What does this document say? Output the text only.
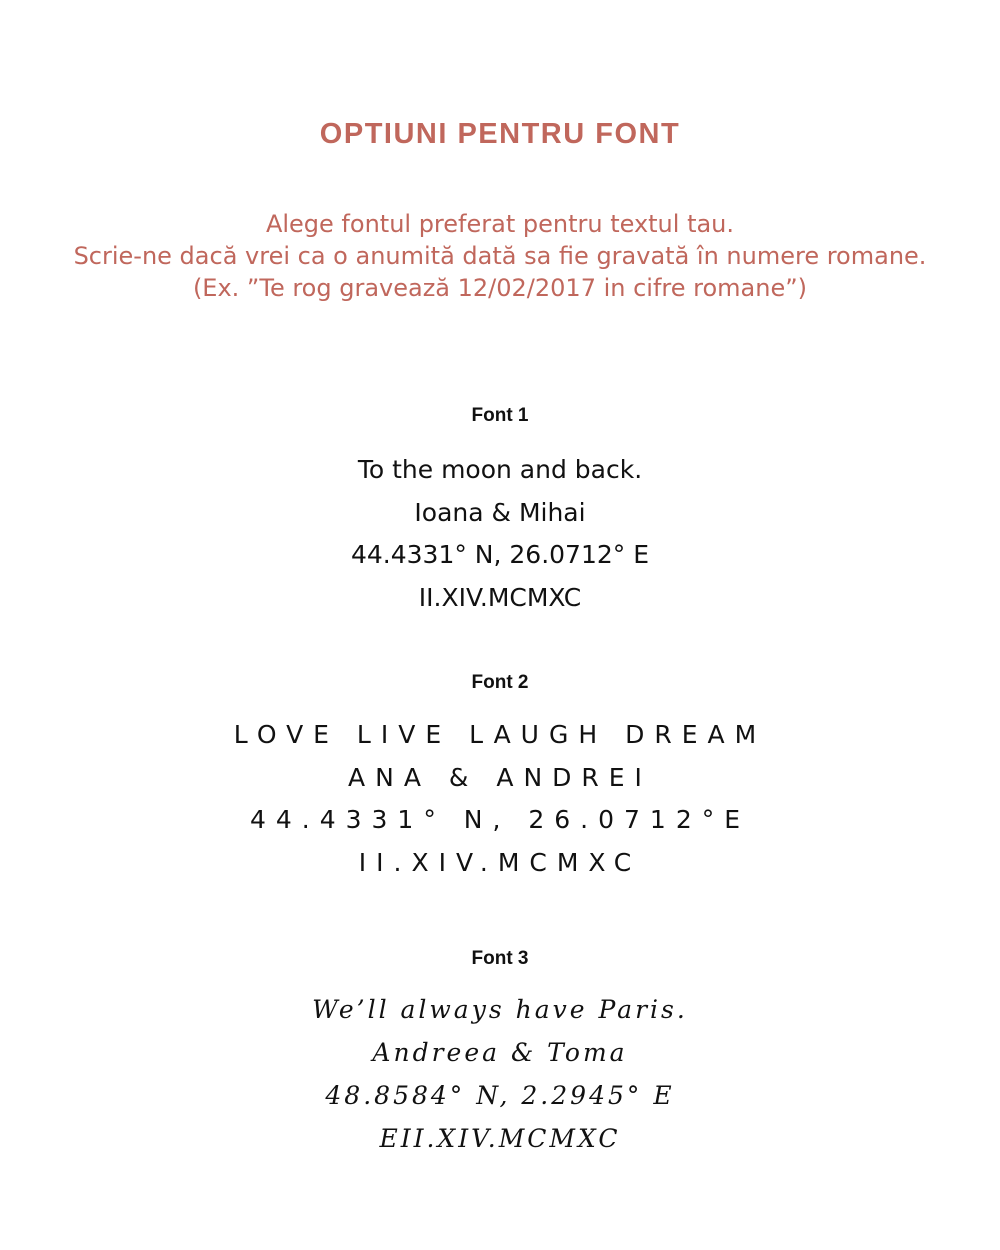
OPTIUNI PENTRU FONT
Alege fontul preferat pentru textul tau.
Scrie-ne dacă vrei ca o anumită dată sa fie gravată în numere romane.
(Ex. ”Te rog gravează 12/02/2017 in cifre romane”)
Font 1
To the moon and back.
Ioana & Mihai
44.4331° N, 26.0712° E
II.XIV.MCMXC
Font 2
LOVE LIVE LAUGH DREAM
ANA & ANDREI
44.4331° N, 26.0712°E
II.XIV.MCMXC
Font 3
We’ll always have Paris.
Andreea & Toma
48.8584° N, 2.2945° E
EII.XIV.MCMXC
